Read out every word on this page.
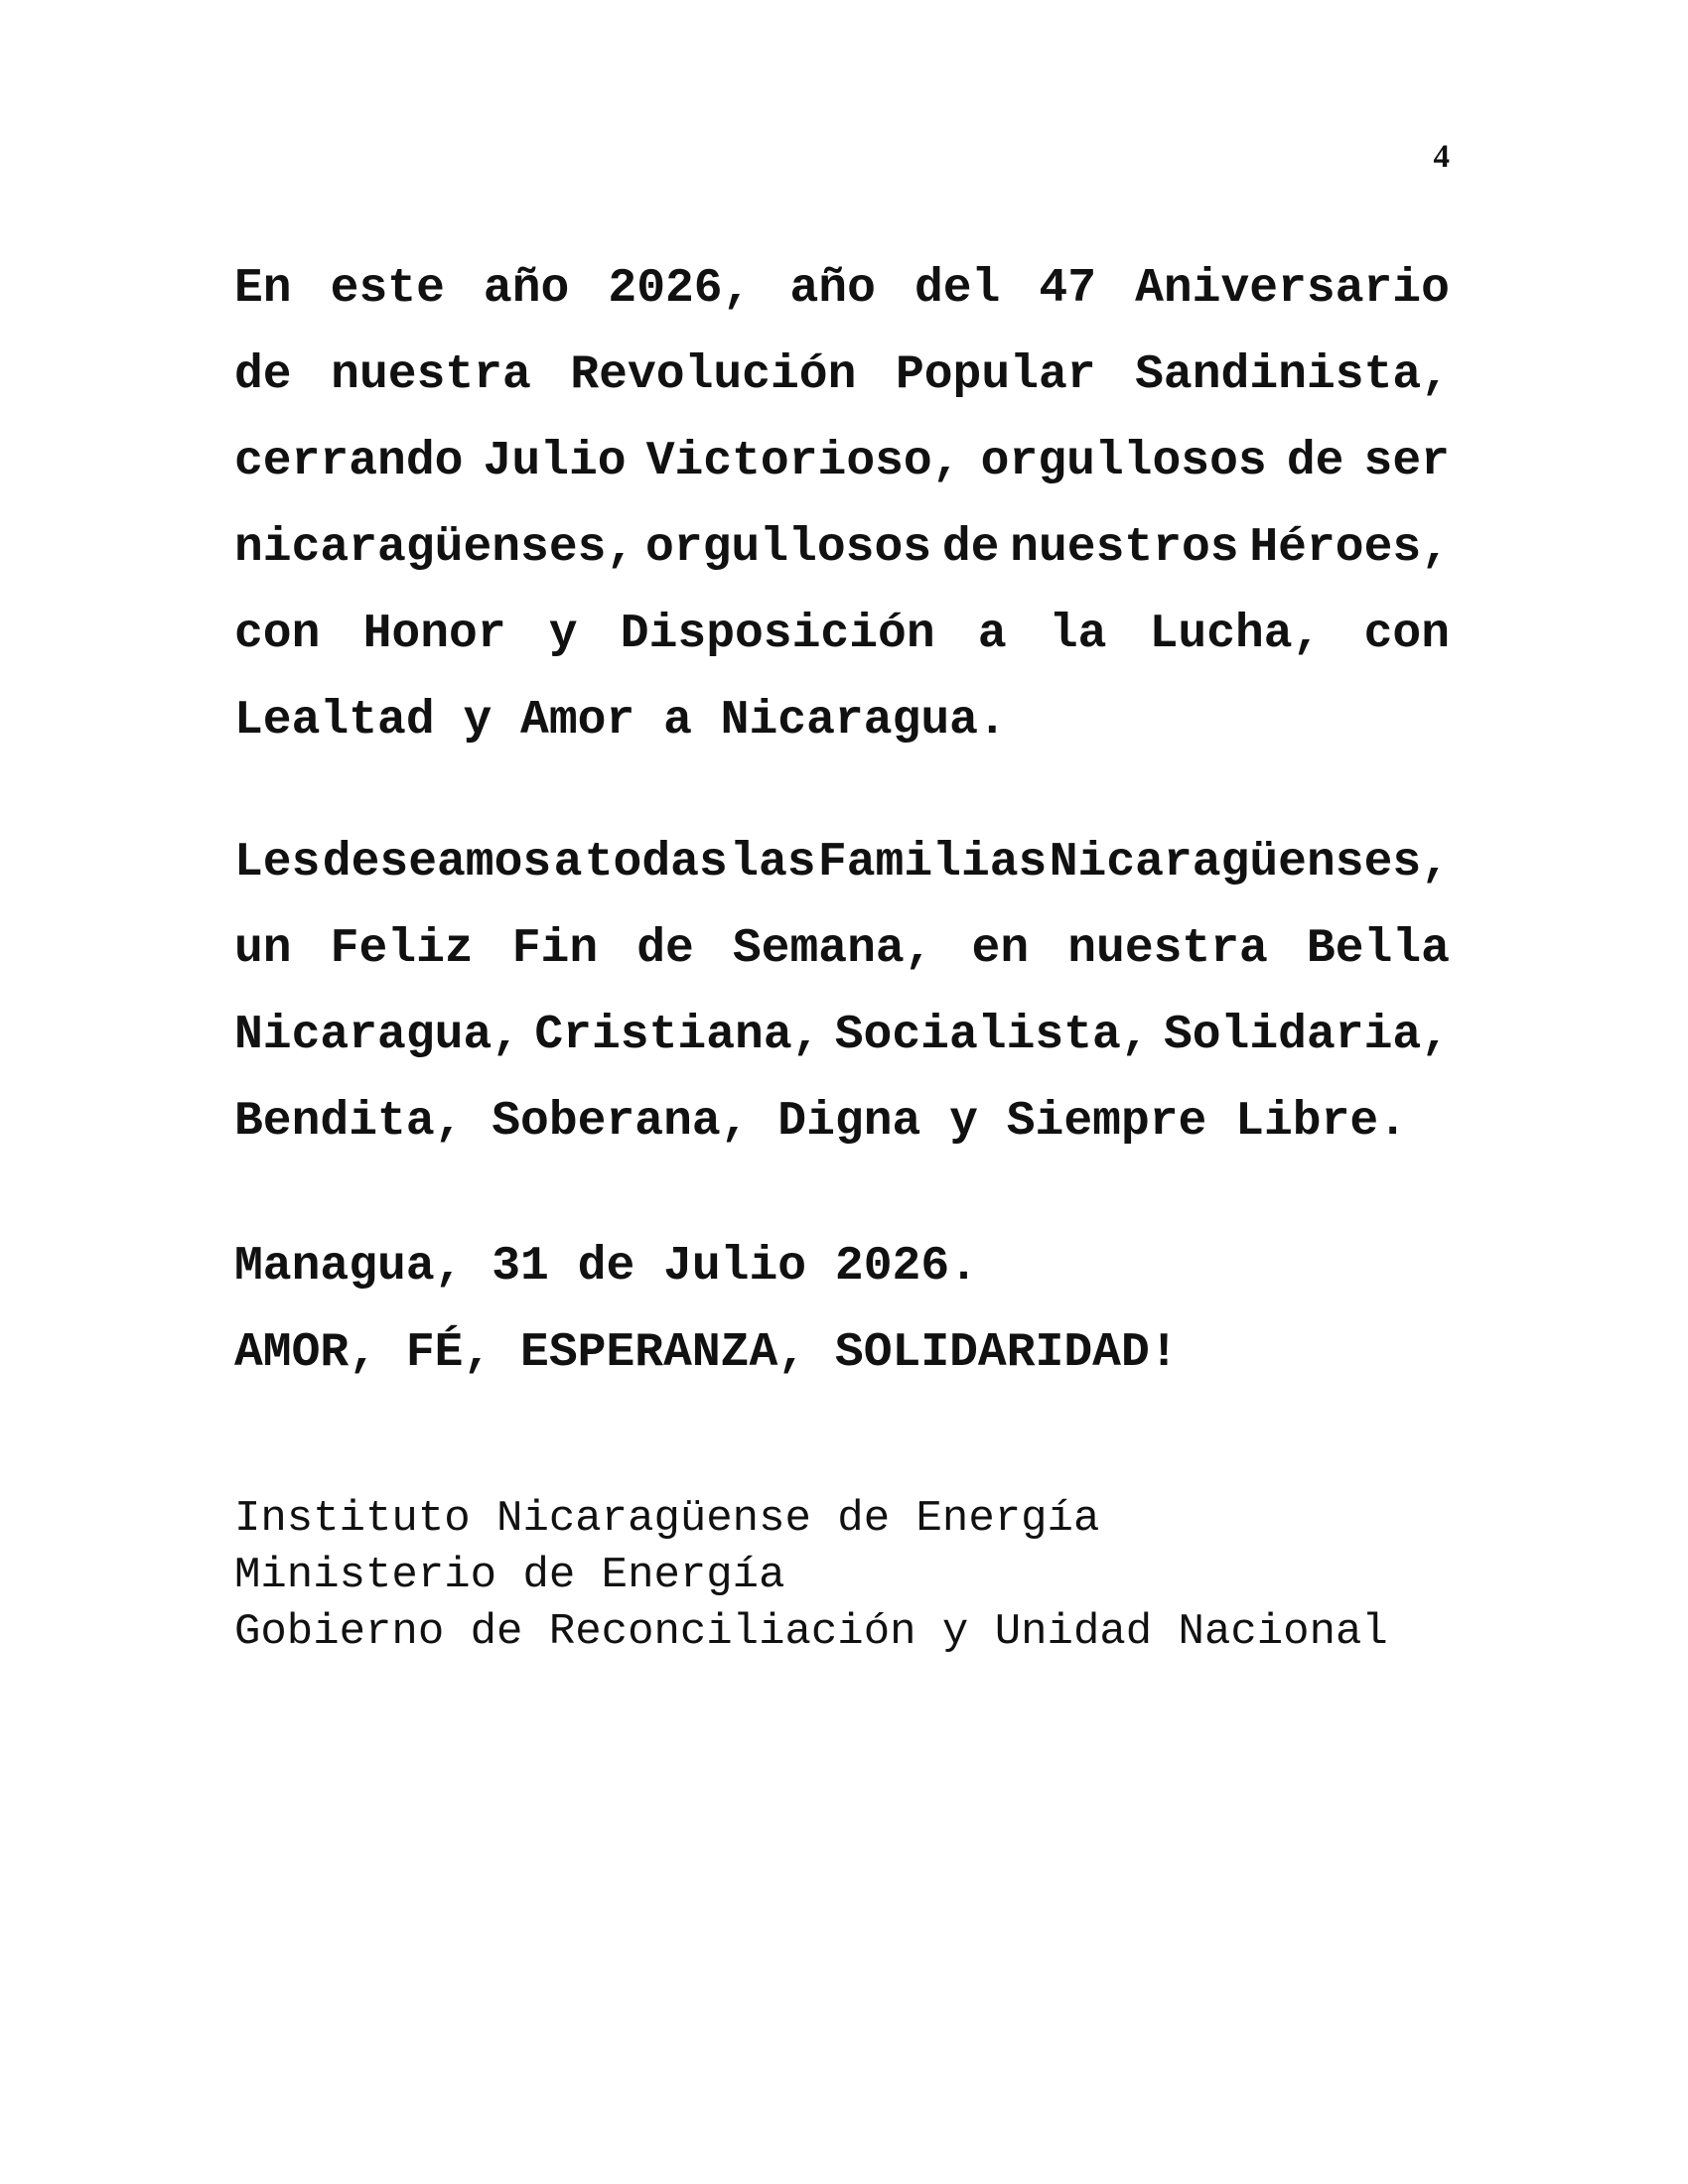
4
En este año 2026, año del 47 Aniversario
de nuestra Revolución Popular Sandinista,
cerrando Julio Victorioso, orgullosos de ser
nicaragüenses, orgullosos de nuestros Héroes,
con Honor y Disposición a la Lucha, con
Lealtad y Amor a Nicaragua.
Les deseamos a todas las Familias Nicaragüenses,
un Feliz Fin de Semana, en nuestra Bella
Nicaragua, Cristiana, Socialista, Solidaria,
Bendita, Soberana, Digna y Siempre Libre.
Managua, 31 de Julio 2026.
AMOR, FÉ, ESPERANZA, SOLIDARIDAD!
Instituto Nicaragüense de Energía
Ministerio de Energía
Gobierno de Reconciliación y Unidad Nacional
